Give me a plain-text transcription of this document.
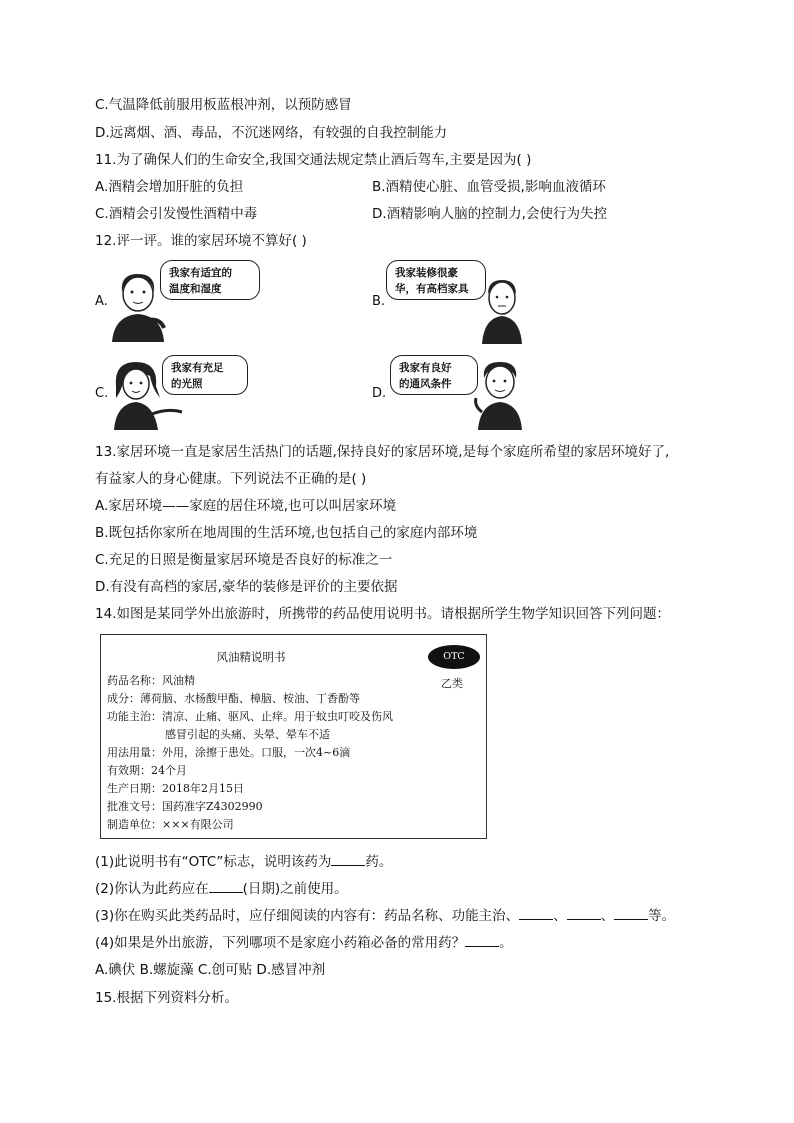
C.气温降低前服用板蓝根冲剂，以预防感冒
D.远离烟、酒、毒品，不沉迷网络，有较强的自我控制能力
11.为了确保人们的生命安全,我国交通法规定禁止酒后驾车,主要是因为( )
A.酒精会增加肝脏的负担	B.酒精使心脏、血管受损,影响血液循环
C.酒精会引发慢性酒精中毒	D.酒精影响人脑的控制力,会使行为失控
12.评一评。谁的家居环境不算好( )
A.
我家有适宜的
温度和湿度
B.
我家装修很豪
华，有高档家具
C.
我家有充足
的光照
D.
我家有良好
的通风条件
13.家居环境一直是家居生活热门的话题,保持良好的家居环境,是每个家庭所希望的家居环境好了,
有益家人的身心健康。下列说法不正确的是( )
A.家居环境——家庭的居住环境,也可以叫居家环境
B.既包括你家所在地周围的生活环境,也包括自己的家庭内部环境
C.充足的日照是衡量家居环境是否良好的标准之一
D.有没有高档的家居,豪华的装修是评价的主要依据
14.如图是某同学外出旅游时，所携带的药品使用说明书。请根据所学生物学知识回答下列问题：
风油精说明书	OTC
乙类
药品名称：风油精
成分：薄荷脑、水杨酸甲酯、樟脑、桉油、丁香酚等
功能主治：清凉、止痛、驱风、止痒。用于蚊虫叮咬及伤风
感冒引起的头痛、头晕、晕车不适
用法用量：外用，涂擦于患处。口服，一次4~6滴
有效期：24个月
生产日期：2018年2月15日
批准文号：国药准字Z4302990
制造单位：×××有限公司
(1)此说明书有“OTC”标志，说明该药为	药。
(2)你认为此药应在	(日期)之前使用。
(3)你在购买此类药品时，应仔细阅读的内容有：药品名称、功能主治、	、	、	等。
(4)如果是外出旅游，下列哪项不是家庭小药箱必备的常用药？	。
A.碘伏 B.螺旋藻 C.创可贴 D.感冒冲剂
15.根据下列资料分析。
